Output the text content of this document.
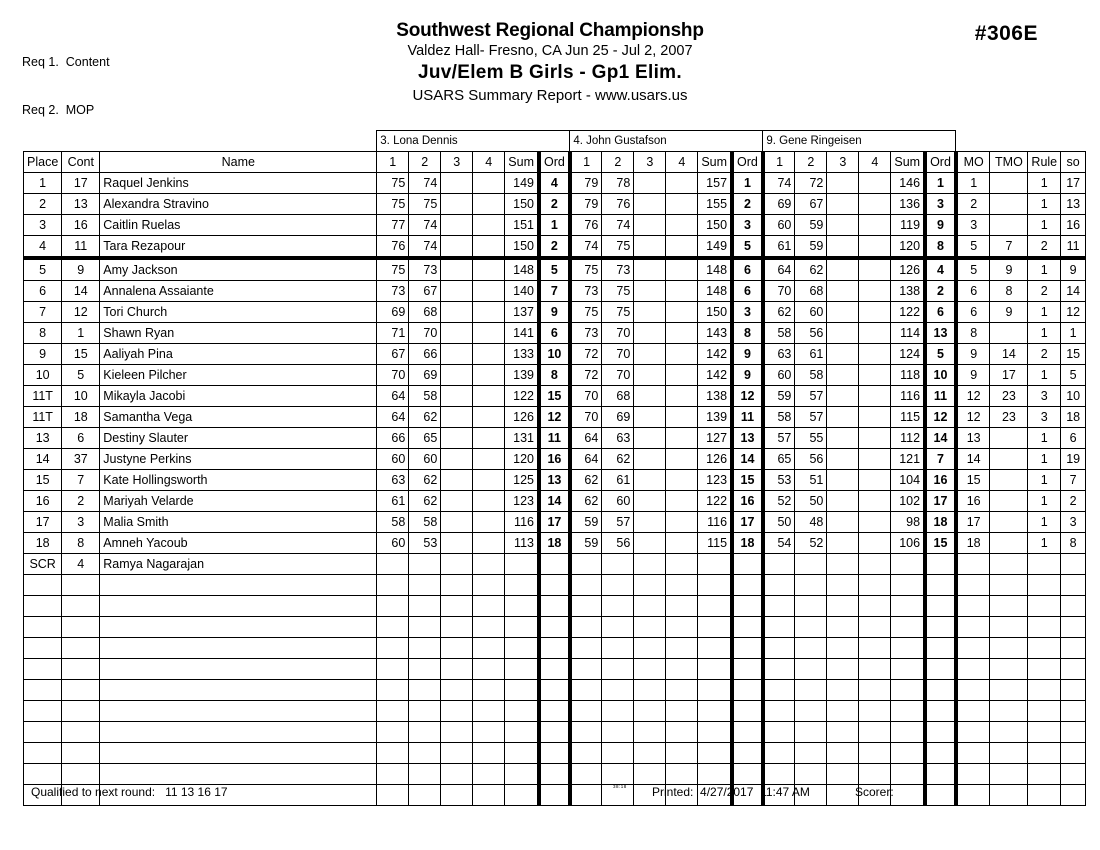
Req 1.  Content

Req 2.  MOP

Southwest Regional Championshp
Valdez Hall- Fresno, CA Jun 25 - Jul 2, 2007
Juv/Elem B Girls - Gp1 Elim.
USARS Summary Report - www.usars.us
#306E
			3. Lona Dennis						4. John Gustafson						9. Gene Ringeisen									
Place	Cont	Name	1	2	3	4	Sum	Ord	1	2	3	4	Sum	Ord	1	2	3	4	Sum	Ord	MO	TMO	Rule	so
1	17	Raquel Jenkins	75	74			149	4	79	78			157	1	74	72			146	1	1		1	17
2	13	Alexandra Stravino	75	75			150	2	79	76			155	2	69	67			136	3	2		1	13
3	16	Caitlin Ruelas	77	74			151	1	76	74			150	3	60	59			119	9	3		1	16
4	11	Tara Rezapour	76	74			150	2	74	75			149	5	61	59			120	8	5	7	2	11
5	9	Amy Jackson	75	73			148	5	75	73			148	6	64	62			126	4	5	9	1	9
6	14	Annalena Assaiante	73	67			140	7	73	75			148	6	70	68			138	2	6	8	2	14
7	12	Tori Church	69	68			137	9	75	75			150	3	62	60			122	6	6	9	1	12
8	1	Shawn Ryan	71	70			141	6	73	70			143	8	58	56			114	13	8		1	1
9	15	Aaliyah Pina	67	66			133	10	72	70			142	9	63	61			124	5	9	14	2	15
10	5	Kieleen Pilcher	70	69			139	8	72	70			142	9	60	58			118	10	9	17	1	5
11T	10	Mikayla Jacobi	64	58			122	15	70	68			138	12	59	57			116	11	12	23	3	10
11T	18	Samantha Vega	64	62			126	12	70	69			139	11	58	57			115	12	12	23	3	18
13	6	Destiny Slauter	66	65			131	11	64	63			127	13	57	55			112	14	13		1	6
14	37	Justyne Perkins	60	60			120	16	64	62			126	14	65	56			121	7	14		1	19
15	7	Kate Hollingsworth	63	62			125	13	62	61			123	15	53	51			104	16	15		1	7
16	2	Mariyah Velarde	61	62			123	14	62	60			122	16	52	50			102	17	16		1	2
17	3	Malia Smith	58	58			116	17	59	57			116	17	50	48			98	18	17		1	3
18	8	Amneh Yacoub	60	53			113	18	59	56			115	18	54	52			106	15	18		1	8
SCR	4	Ramya Nagarajan																						

Qualified to next round:   11 13 16 17	38:18 Printed:  4/27/2017  11:47 AM	Scorer:
